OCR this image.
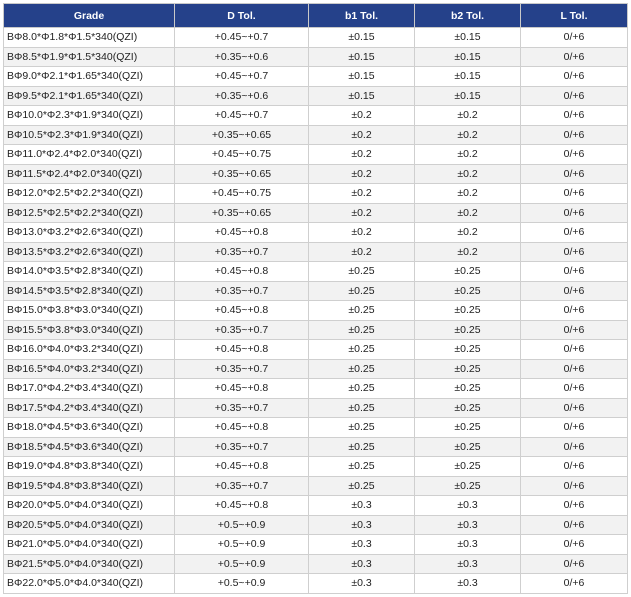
Grade	D Tol.	b1 Tol.	b2 Tol.	L Tol.
BΦ8.0*Φ1.8*Φ1.5*340(QZI)	+0.45~+0.7	±0.15	±0.15	0/+6
BΦ8.5*Φ1.9*Φ1.5*340(QZI)	+0.35~+0.6	±0.15	±0.15	0/+6
BΦ9.0*Φ2.1*Φ1.65*340(QZI)	+0.45~+0.7	±0.15	±0.15	0/+6
BΦ9.5*Φ2.1*Φ1.65*340(QZI)	+0.35~+0.6	±0.15	±0.15	0/+6
BΦ10.0*Φ2.3*Φ1.9*340(QZI)	+0.45~+0.7	±0.2	±0.2	0/+6
BΦ10.5*Φ2.3*Φ1.9*340(QZI)	+0.35~+0.65	±0.2	±0.2	0/+6
BΦ11.0*Φ2.4*Φ2.0*340(QZI)	+0.45~+0.75	±0.2	±0.2	0/+6
BΦ11.5*Φ2.4*Φ2.0*340(QZI)	+0.35~+0.65	±0.2	±0.2	0/+6
BΦ12.0*Φ2.5*Φ2.2*340(QZI)	+0.45~+0.75	±0.2	±0.2	0/+6
BΦ12.5*Φ2.5*Φ2.2*340(QZI)	+0.35~+0.65	±0.2	±0.2	0/+6
BΦ13.0*Φ3.2*Φ2.6*340(QZI)	+0.45~+0.8	±0.2	±0.2	0/+6
BΦ13.5*Φ3.2*Φ2.6*340(QZI)	+0.35~+0.7	±0.2	±0.2	0/+6
BΦ14.0*Φ3.5*Φ2.8*340(QZI)	+0.45~+0.8	±0.25	±0.25	0/+6
BΦ14.5*Φ3.5*Φ2.8*340(QZI)	+0.35~+0.7	±0.25	±0.25	0/+6
BΦ15.0*Φ3.8*Φ3.0*340(QZI)	+0.45~+0.8	±0.25	±0.25	0/+6
BΦ15.5*Φ3.8*Φ3.0*340(QZI)	+0.35~+0.7	±0.25	±0.25	0/+6
BΦ16.0*Φ4.0*Φ3.2*340(QZI)	+0.45~+0.8	±0.25	±0.25	0/+6
BΦ16.5*Φ4.0*Φ3.2*340(QZI)	+0.35~+0.7	±0.25	±0.25	0/+6
BΦ17.0*Φ4.2*Φ3.4*340(QZI)	+0.45~+0.8	±0.25	±0.25	0/+6
BΦ17.5*Φ4.2*Φ3.4*340(QZI)	+0.35~+0.7	±0.25	±0.25	0/+6
BΦ18.0*Φ4.5*Φ3.6*340(QZI)	+0.45~+0.8	±0.25	±0.25	0/+6
BΦ18.5*Φ4.5*Φ3.6*340(QZI)	+0.35~+0.7	±0.25	±0.25	0/+6
BΦ19.0*Φ4.8*Φ3.8*340(QZI)	+0.45~+0.8	±0.25	±0.25	0/+6
BΦ19.5*Φ4.8*Φ3.8*340(QZI)	+0.35~+0.7	±0.25	±0.25	0/+6
BΦ20.0*Φ5.0*Φ4.0*340(QZI)	+0.45~+0.8	±0.3	±0.3	0/+6
BΦ20.5*Φ5.0*Φ4.0*340(QZI)	+0.5~+0.9	±0.3	±0.3	0/+6
BΦ21.0*Φ5.0*Φ4.0*340(QZI)	+0.5~+0.9	±0.3	±0.3	0/+6
BΦ21.5*Φ5.0*Φ4.0*340(QZI)	+0.5~+0.9	±0.3	±0.3	0/+6
BΦ22.0*Φ5.0*Φ4.0*340(QZI)	+0.5~+0.9	±0.3	±0.3	0/+6
